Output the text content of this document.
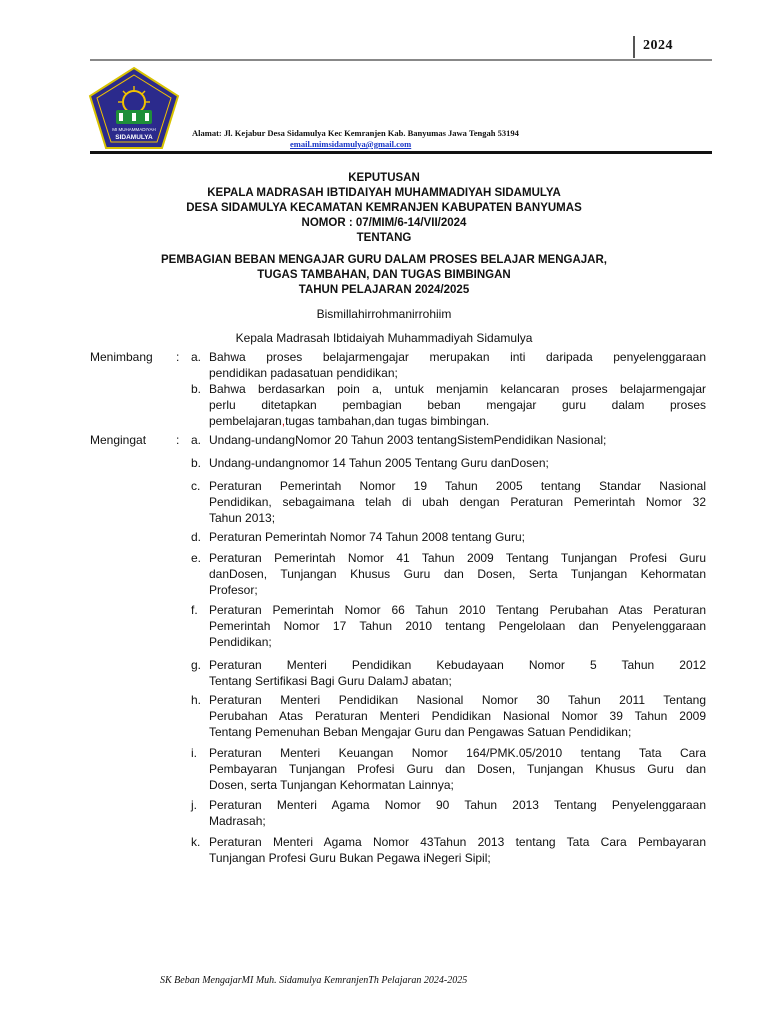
2024
MI MUHAMMADIYAH
SIDAMULYA	Alamat: Jl. Kejabur Desa Sidamulya Kec Kemranjen Kab. Banyumas Jawa Tengah 53194
email.mimsidamulya@gmail.com
KEPUTUSAN
KEPALA MADRASAH IBTIDAIYAH MUHAMMADIYAH SIDAMULYA
DESA SIDAMULYA KECAMATAN KEMRANJEN KABUPATEN BANYUMAS
NOMOR : 07/MIM/6-14/VII/2024
TENTANG
PEMBAGIAN BEBAN MENGAJAR GURU DALAM PROSES BELAJAR MENGAJAR,
TUGAS TAMBAHAN, DAN TUGAS BIMBINGAN
TAHUN PELAJARAN 2024/2025
Bismillahirrohmanirrohiim
Kepala Madrasah Ibtidaiyah Muhammadiyah Sidamulya
Menimbang : a. Bahwa proses belajarmengajar merupakan inti daripada penyelenggaraan
pendidikan padasatuan pendidikan;
b. Bahwa berdasarkan poin a, untuk menjamin kelancaran proses belajarmengajar
perlu ditetapkan pembagian beban mengajar guru dalam proses
pembelajaran,tugas tambahan,dan tugas bimbingan.
Mengingat : a. Undang-undangNomor 20 Tahun 2003 tentangSistemPendidikan Nasional;
b. Undang-undangnomor 14 Tahun 2005 Tentang Guru danDosen;
c. Peraturan Pemerintah Nomor 19 Tahun 2005 tentang Standar Nasional
Pendidikan, sebagaimana telah di ubah dengan Peraturan Pemerintah Nomor 32
Tahun 2013;
d. Peraturan Pemerintah Nomor 74 Tahun 2008 tentang Guru;
e. Peraturan Pemerintah Nomor 41 Tahun 2009 Tentang Tunjangan Profesi Guru
danDosen, Tunjangan Khusus Guru dan Dosen, Serta Tunjangan Kehormatan
Profesor;
f. Peraturan Pemerintah Nomor 66 Tahun 2010 Tentang Perubahan Atas Peraturan
Pemerintah Nomor 17 Tahun 2010 tentang Pengelolaan dan Penyelenggaraan
Pendidikan;
g. Peraturan Menteri Pendidikan Kebudayaan Nomor 5 Tahun 2012
Tentang Sertifikasi Bagi Guru DalamJ abatan;
h. Peraturan Menteri Pendidikan Nasional Nomor 30 Tahun 2011 Tentang
Perubahan Atas Peraturan Menteri Pendidikan Nasional Nomor 39 Tahun 2009
Tentang Pemenuhan Beban Mengajar Guru dan Pengawas Satuan Pendidikan;
i.	Peraturan Menteri Keuangan Nomor 164/PMK.05/2010 tentang Tata Cara
Pembayaran Tunjangan Profesi Guru dan Dosen, Tunjangan Khusus Guru dan
Dosen, serta Tunjangan Kehormatan Lainnya;
j.	Peraturan Menteri Agama Nomor 90 Tahun 2013 Tentang Penyelenggaraan
Madrasah;
k. Peraturan Menteri Agama Nomor 43Tahun 2013 tentang Tata Cara Pembayaran
Tunjangan Profesi Guru Bukan Pegawa iNegeri Sipil;
SK Beban MengajarMI Muh. Sidamulya KemranjenTh Pelajaran 2024-2025
